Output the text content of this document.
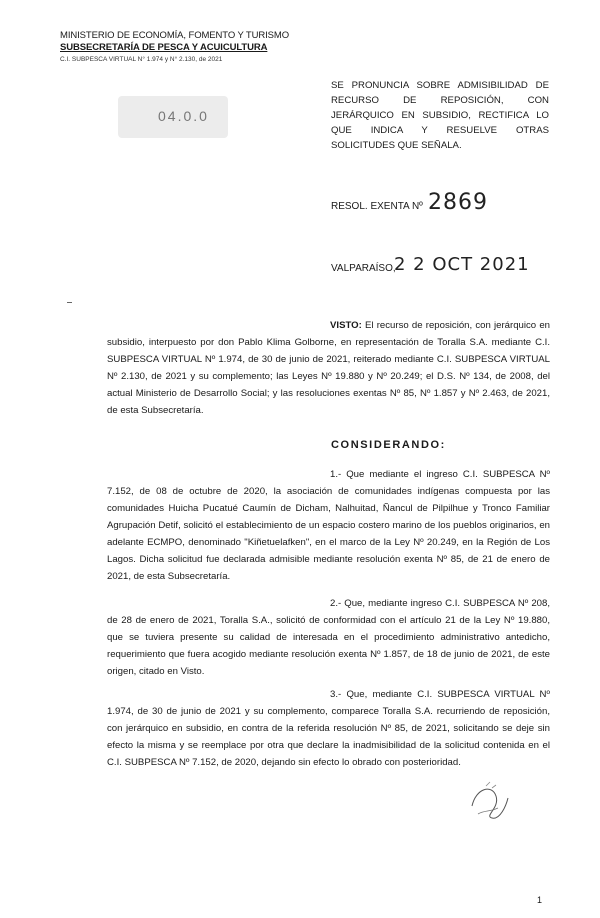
MINISTERIO DE ECONOMÍA, FOMENTO Y TURISMO
SUBSECRETARÍA DE PESCA Y ACUICULTURA
C.I. SUBPESCA VIRTUAL N° 1.974 y N° 2.130, de 2021
04.0.0
SE PRONUNCIA SOBRE ADMISIBILIDAD DE RECURSO DE REPOSICIÓN, CON JERÁRQUICO EN SUBSIDIO, RECTIFICA LO QUE INDICA Y RESUELVE OTRAS SOLICITUDES QUE SEÑALA.
RESOL. EXENTA Nº 2869
VALPARAÍSO,
2 2 OCT 2021

VISTO: El recurso de reposición, con jerárquico en subsidio, interpuesto por don Pablo Klima Golborne, en representación de Toralla S.A. mediante C.I. SUBPESCA VIRTUAL Nº 1.974, de 30 de junio de 2021, reiterado mediante C.I. SUBPESCA VIRTUAL Nº 2.130, de 2021 y su complemento; las Leyes Nº 19.880 y Nº 20.249; el D.S. Nº 134, de 2008, del actual Ministerio de Desarrollo Social; y las resoluciones exentas Nº 85, Nº 1.857 y Nº 2.463, de 2021, de esta Subsecretaría.

CONSIDERANDO:

1.- Que mediante el ingreso C.I. SUBPESCA Nº 7.152, de 08 de octubre de 2020, la asociación de comunidades indígenas compuesta por las comunidades Huicha Pucatué Caumín de Dicham, Nalhuitad, Ñancul de Pilpilhue y Tronco Familiar Agrupación Detif, solicitó el establecimiento de un espacio costero marino de los pueblos originarios, en adelante ECMPO, denominado "Kiñetuelafken", en el marco de la Ley Nº 20.249, en la Región de Los Lagos. Dicha solicitud fue declarada admisible mediante resolución exenta Nº 85, de 21 de enero de 2021, de esta Subsecretaría.

2.- Que, mediante ingreso C.I. SUBPESCA Nº 208, de 28 de enero de 2021, Toralla S.A., solicitó de conformidad con el artículo 21 de la Ley Nº 19.880, que se tuviera presente su calidad de interesada en el procedimiento administrativo antedicho, requerimiento que fuera acogido mediante resolución exenta Nº 1.857, de 18 de junio de 2021, de este origen, citado en Visto.

3.- Que, mediante C.I. SUBPESCA VIRTUAL Nº 1.974, de 30 de junio de 2021 y su complemento, comparece Toralla S.A. recurriendo de reposición, con jerárquico en subsidio, en contra de la referida resolución Nº 85, de 2021, solicitando se deje sin efecto la misma y se reemplace por otra que declare la inadmisibilidad de la solicitud contenida en el C.I. SUBPESCA Nº 7.152, de 2020, dejando sin efecto lo obrado con posterioridad.

1
